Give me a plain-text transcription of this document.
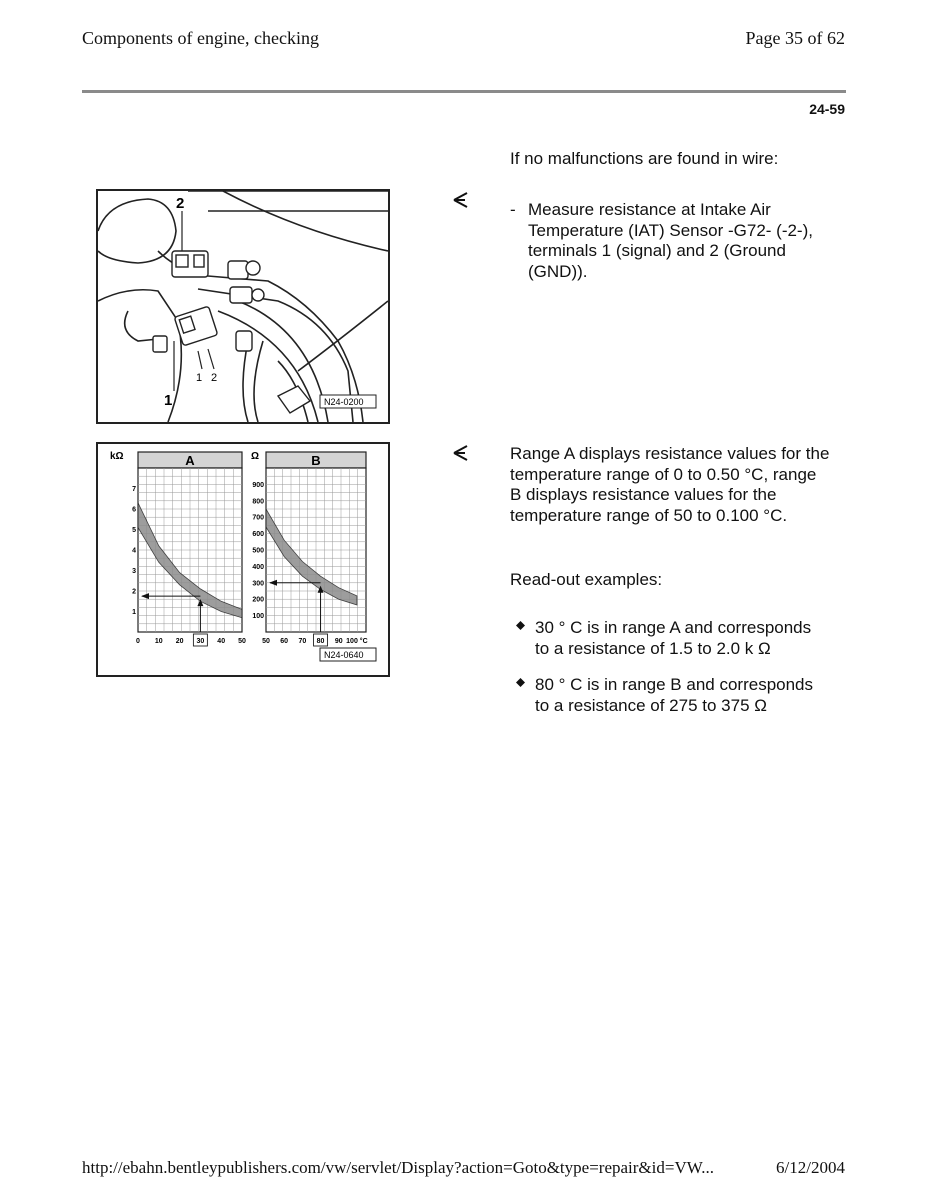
Components of engine, checking	Page 35 of 62
24-59
If no malfunctions are found in wire:
2
1
1 2
N24-0200
- Measure resistance at Intake Air Temperature (IAT) Sensor -G72- (-2-), terminals 1 (signal) and 2 (Ground (GND)).
kΩ	Ω
N24-0640
A
1
2
3
4
5
6
7
0 10 20 30 40 50
B
100
200
300
400
500
600
700
800
900
50 60 70 80 90 100 °C
Range A displays resistance values for the temperature range of 0 to 0.50 °C, range B displays resistance values for the temperature range of 50 to 0.100 °C.
Read-out examples:
30 ° C is in range A and corresponds to a resistance of 1.5 to 2.0 k Ω
80 ° C is in range B and corresponds to a resistance of 275 to 375 Ω
http://ebahn.bentleypublishers.com/vw/servlet/Display?action=Goto&type=repair&id=VW...	6/12/2004
